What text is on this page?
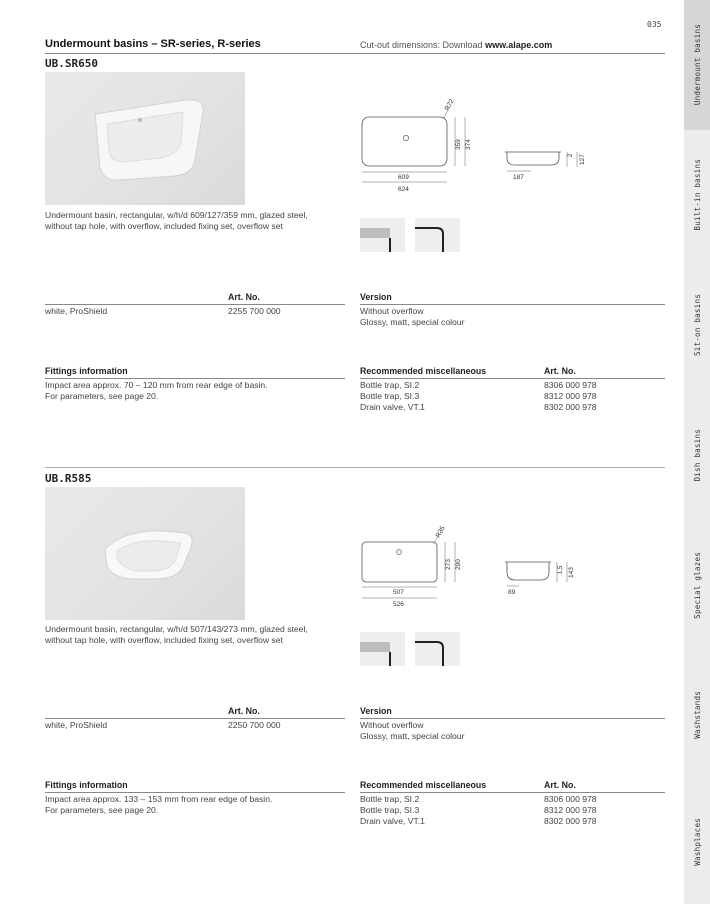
Undermount basins
Built-in basins
Sit-on basins
Dish basins
Special glazes
Washstands
Washplaces
035
Undermount basins – SR-series, R-series	Cut-out dimensions: Download www.alape.com
UB.SR650
R72
359 374
609
624
2 127
187
Undermount basin, rectangular, w/h/d 609/127/359 mm, glazed steel,
without tap hole, with overflow, included fixing set, overflow set
Art. No.	Version
white, ProShield	2255 700 000	Without overflow
Glossy, matt, special colour
Fittings information	Recommended miscellaneous	Art. No.
Impact area approx. 70 – 120 mm from rear edge of basin.
For parameters, see page 20.
Bottle trap, SI.2	8306 000 978
Bottle trap, SI.3	8312 000 978
Drain valve, VT.1	8302 000 978
UB.R585
R35
273 290
507
526
1,5 143
89
Undermount basin, rectangular, w/h/d 507/143/273 mm, glazed steel,
without tap hole, with overflow, included fixing set, overflow set
Art. No.	Version
white, ProShield	2250 700 000	Without overflow
Glossy, matt, special colour
Fittings information	Recommended miscellaneous	Art. No.
Impact area approx. 133 – 153 mm from rear edge of basin.
For parameters, see page 20.
Bottle trap, SI.2	8306 000 978
Bottle trap, SI.3	8312 000 978
Drain valve, VT.1	8302 000 978
